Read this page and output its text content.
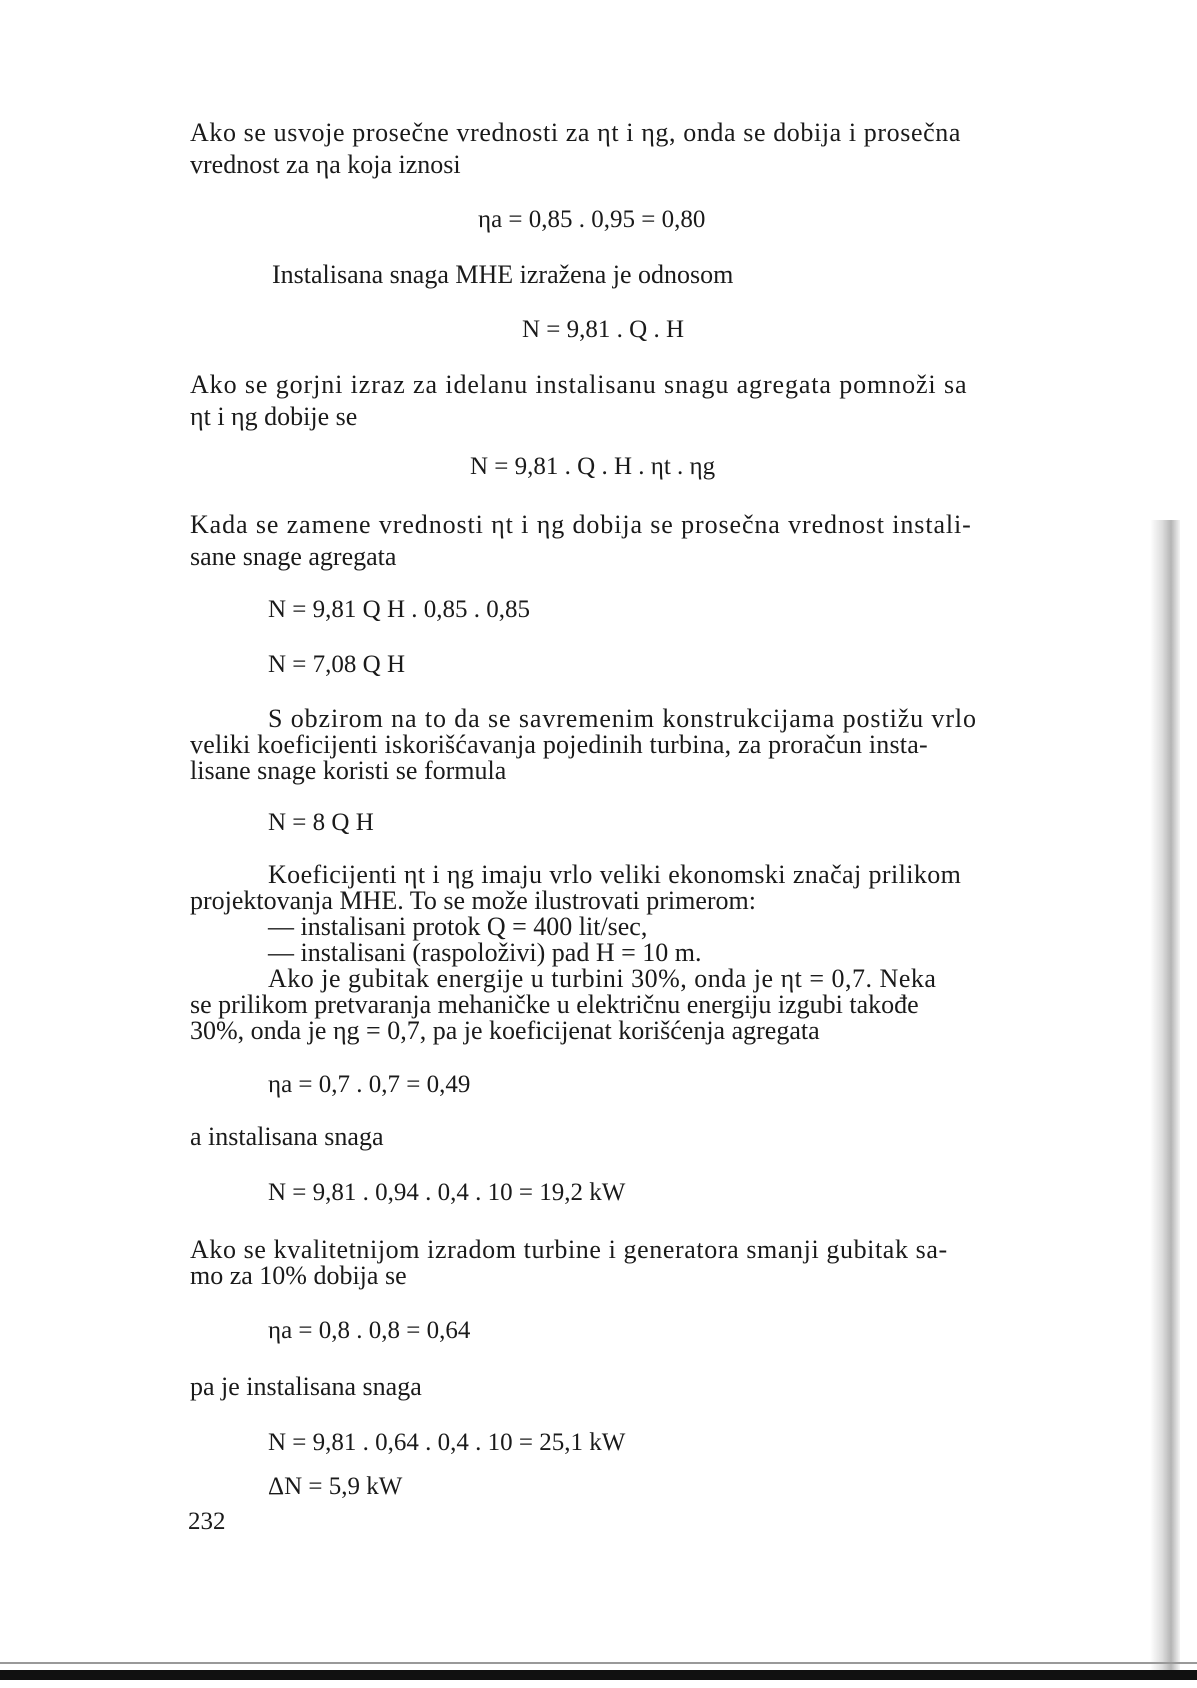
Ako se usvoje prosečne vrednosti za ηt i ηg, onda se dobija i prosečna
vrednost za ηa koja iznosi
ηa = 0,85 . 0,95 = 0,80
Instalisana snaga MHE izražena je odnosom
N = 9,81 . Q . H
Ako se gorjni izraz za idelanu instalisanu snagu agregata pomnoži sa
ηt i ηg dobije se
N = 9,81 . Q . H . ηt . ηg
Kada se zamene vrednosti ηt i ηg dobija se prosečna vrednost instali-
sane snage agregata
N = 9,81 Q H . 0,85 . 0,85
N = 7,08 Q H
S obzirom na to da se savremenim konstrukcijama postižu vrlo
veliki koeficijenti iskorišćavanja pojedinih turbina, za proračun insta-
lisane snage koristi se formula
N = 8 Q H
Koeficijenti ηt i ηg imaju vrlo veliki ekonomski značaj prilikom
projektovanja MHE. To se može ilustrovati primerom:
— instalisani protok Q = 400 lit/sec,
— instalisani (raspoloživi) pad H = 10 m.
Ako je gubitak energije u turbini 30%, onda je ηt = 0,7. Neka
se prilikom pretvaranja mehaničke u električnu energiju izgubi takođe
30%, onda je ηg = 0,7, pa je koeficijenat korišćenja agregata
ηa = 0,7 . 0,7 = 0,49
a instalisana snaga
N = 9,81 . 0,94 . 0,4 . 10 = 19,2 kW
Ako se kvalitetnijom izradom turbine i generatora smanji gubitak sa-
mo za 10% dobija se
ηa = 0,8 . 0,8 = 0,64
pa je instalisana snaga
N = 9,81 . 0,64 . 0,4 . 10 = 25,1 kW
ΔN = 5,9 kW
232
